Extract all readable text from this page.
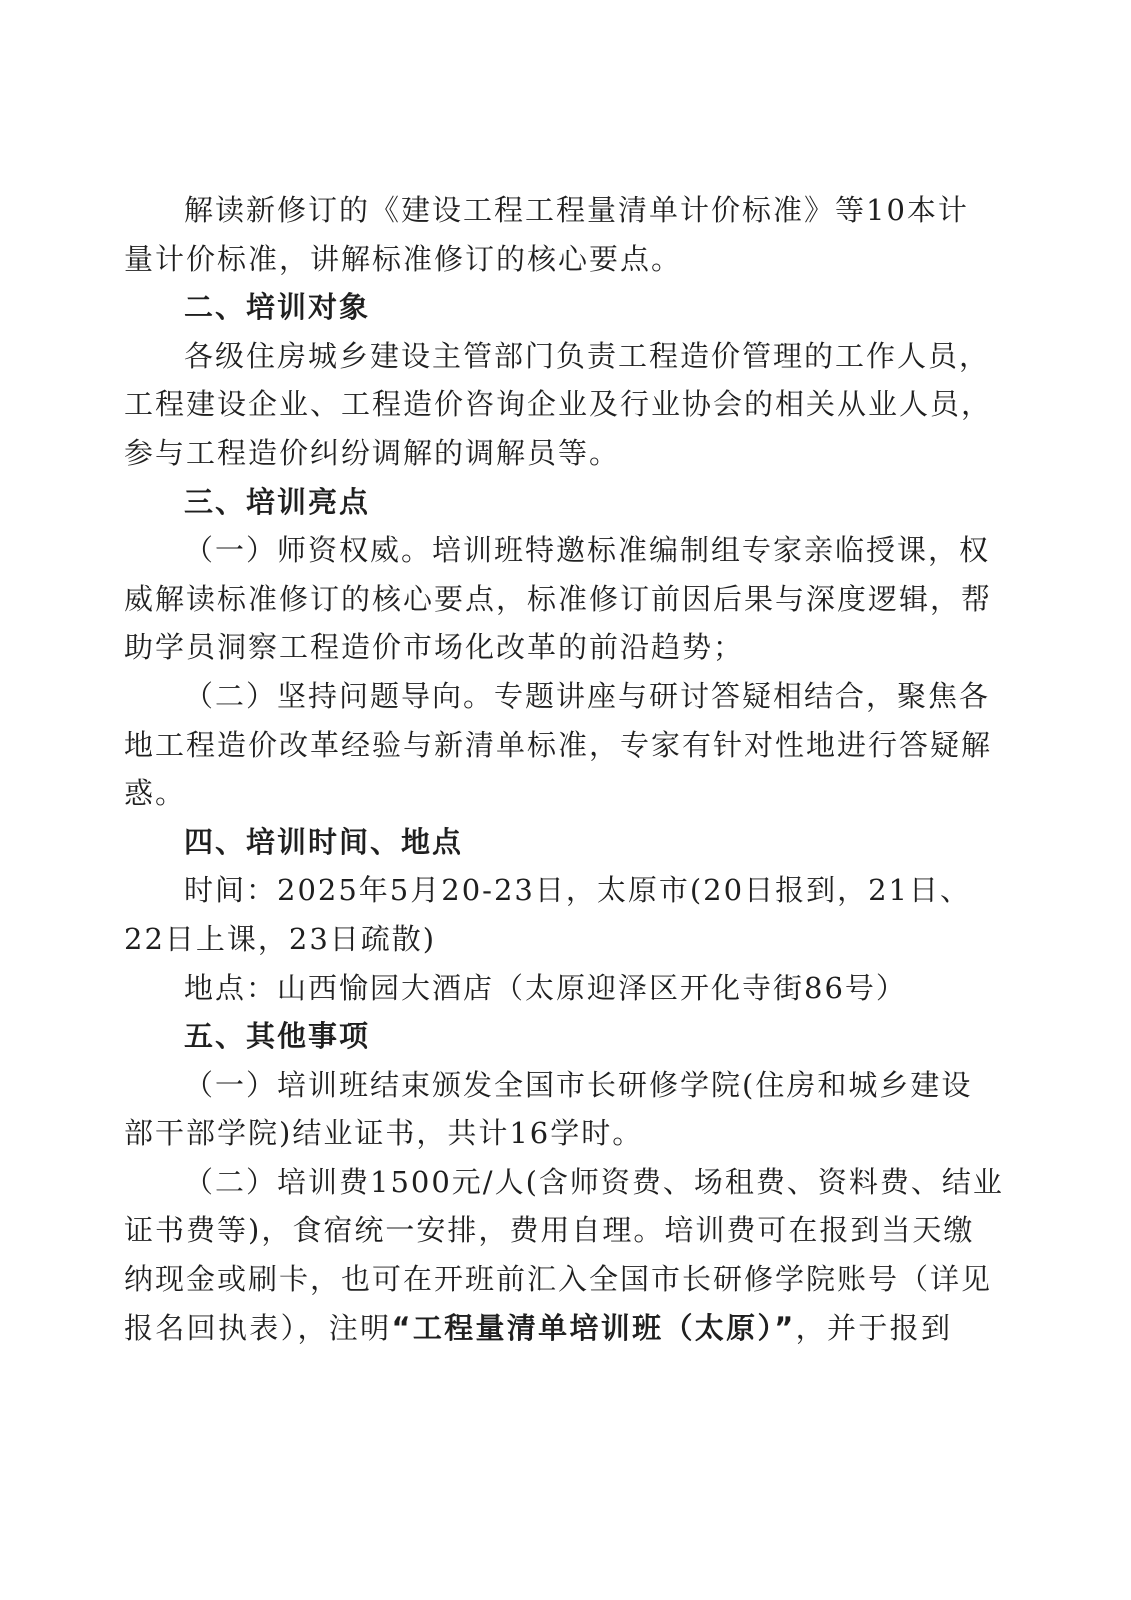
解读新修订的《建设工程工程量清单计价标准》等10本计
量计价标准，讲解标准修订的核心要点。
二、培训对象
各级住房城乡建设主管部门负责工程造价管理的工作人员，
工程建设企业、工程造价咨询企业及行业协会的相关从业人员，
参与工程造价纠纷调解的调解员等。
三、培训亮点
（一）师资权威。培训班特邀标准编制组专家亲临授课，权
威解读标准修订的核心要点，标准修订前因后果与深度逻辑，帮
助学员洞察工程造价市场化改革的前沿趋势；
（二）坚持问题导向。专题讲座与研讨答疑相结合，聚焦各
地工程造价改革经验与新清单标准，专家有针对性地进行答疑解
惑。
四、培训时间、地点
时间：2025年5月20-23日，太原市(20日报到，21日、
22日上课，23日疏散)
地点：山西愉园大酒店（太原迎泽区开化寺街86号）
五、其他事项
（一）培训班结束颁发全国市长研修学院(住房和城乡建设
部干部学院)结业证书，共计16学时。
（二）培训费1500元/人(含师资费、场租费、资料费、结业
证书费等)，食宿统一安排，费用自理。培训费可在报到当天缴
纳现金或刷卡，也可在开班前汇入全国市长研修学院账号（详见
报名回执表），注明“工程量清单培训班（太原）”，并于报到
